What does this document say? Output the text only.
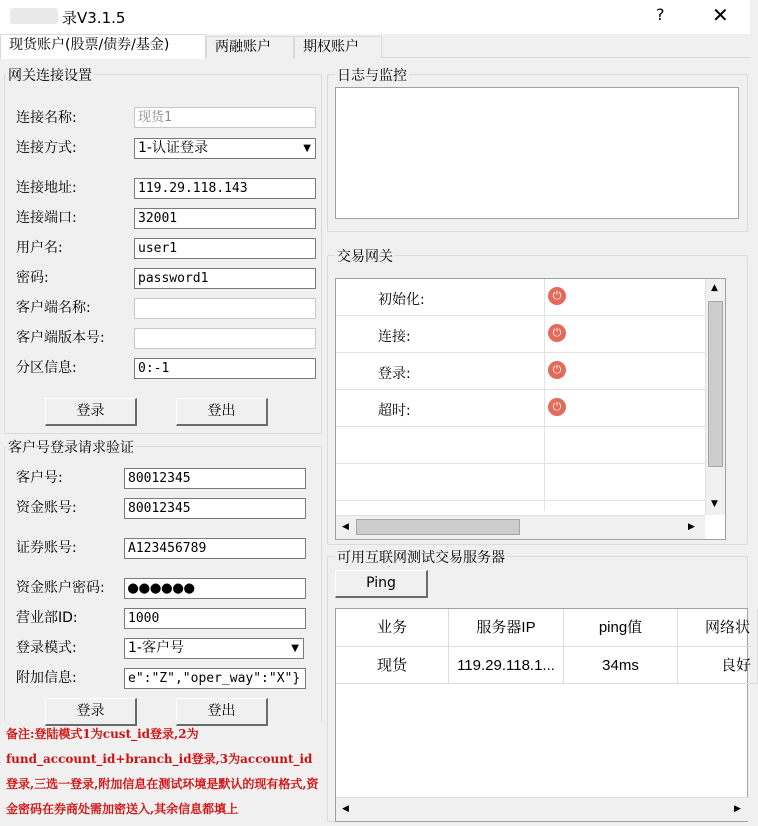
录V3.1.5	? ✕
现货账户(股票/债券/基金)	两融账户	期权账户
网关连接设置
连接名称:	现货1
连接方式:	1-认证登录	▼
连接地址:	119.29.118.143
连接端口:	32001
用户名:	user1
密码:	password1
客户端名称:
客户端版本号:
分区信息:	0:-1
登录	登出
客户号登录请求验证
客户号:	80012345
资金账号:	80012345
证券账号:	A123456789
资金账户密码: ●●●●●●
营业部ID:	1000
登录模式:	1-客户号	▼
附加信息:	e":"Z","oper_way":"X"}
登录	登出
备注:登陆模式1为cust_id登录,2为fund_account_id+branch_id登录,3为account_id登录,三选一登录,附加信息在测试环境是默认的现有格式,资金密码在券商处需加密送入,其余信息都填上
日志与监控
交易网关
初始化:	⏻
连接:	⏻
登录:	⏻
超时:	⏻
▲
▼
◀	▶
可用互联网测试交易服务器
Ping
业务	服务器IP	ping值	网络状
现货	119.29.118.1...	34ms	良好
◀	▶
